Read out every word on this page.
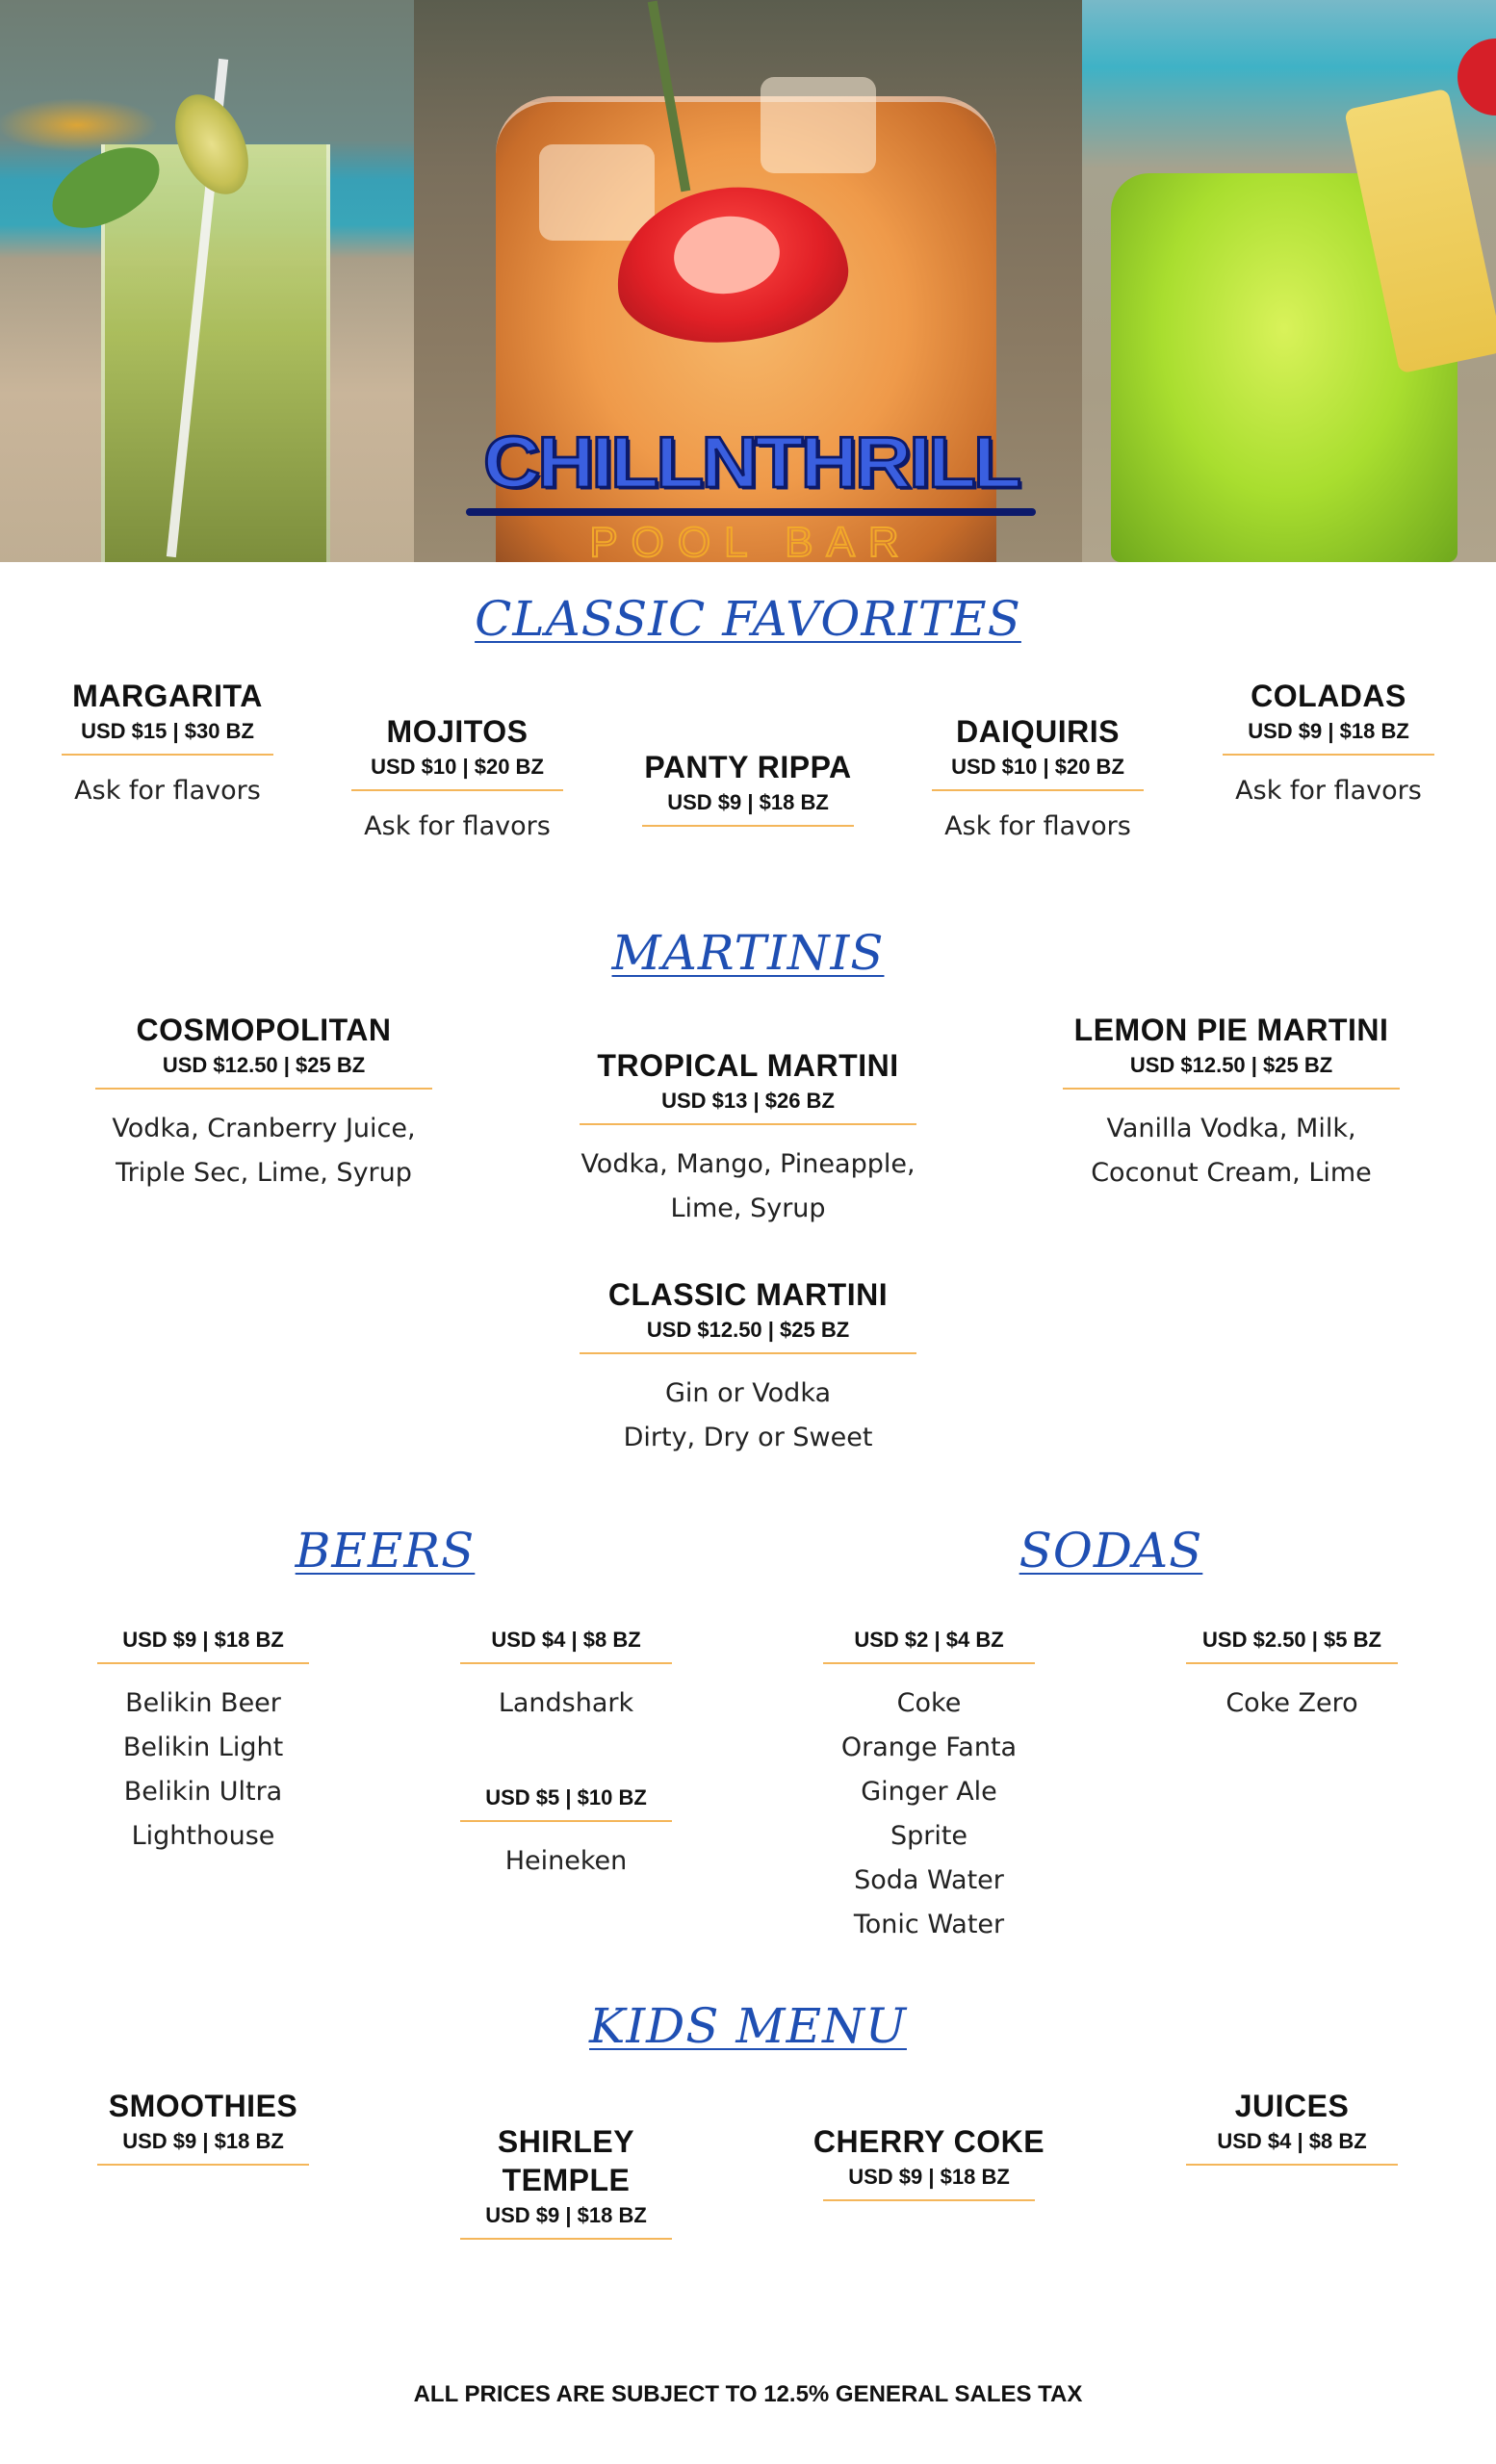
CHILLNTHRILL
POOL BAR
CLASSIC FAVORITES
MARGARITA
USD $15 | $30 BZ
Ask for flavors
MOJITOS
USD $10 | $20 BZ
Ask for flavors
PANTY RIPPA
USD $9 | $18 BZ
DAIQUIRIS
USD $10 | $20 BZ
Ask for flavors
COLADAS
USD $9 | $18 BZ
Ask for flavors
MARTINIS
COSMOPOLITAN
USD $12.50 | $25 BZ
Vodka, Cranberry Juice,
Triple Sec, Lime, Syrup
TROPICAL MARTINI
USD $13 | $26 BZ
Vodka, Mango, Pineapple,
Lime, Syrup
LEMON PIE MARTINI
USD $12.50 | $25 BZ
Vanilla Vodka, Milk,
Coconut Cream, Lime
CLASSIC MARTINI
USD $12.50 | $25 BZ
Gin or Vodka
Dirty, Dry or Sweet
BEERS	SODAS
USD $9 | $18 BZ
Belikin Beer
Belikin Light
Belikin Ultra
Lighthouse
USD $4 | $8 BZ
Landshark
USD $5 | $10 BZ
Heineken
USD $2 | $4 BZ
Coke
Orange Fanta
Ginger Ale
Sprite
Soda Water
Tonic Water
USD $2.50 | $5 BZ
Coke Zero
KIDS MENU
SMOOTHIES
USD $9 | $18 BZ	SHIRLEY TEMPLE
USD $9 | $18 BZ
CHERRY COKE
USD $9 | $18 BZ
JUICES
USD $4 | $8 BZ
ALL PRICES ARE SUBJECT TO 12.5% GENERAL SALES TAX
